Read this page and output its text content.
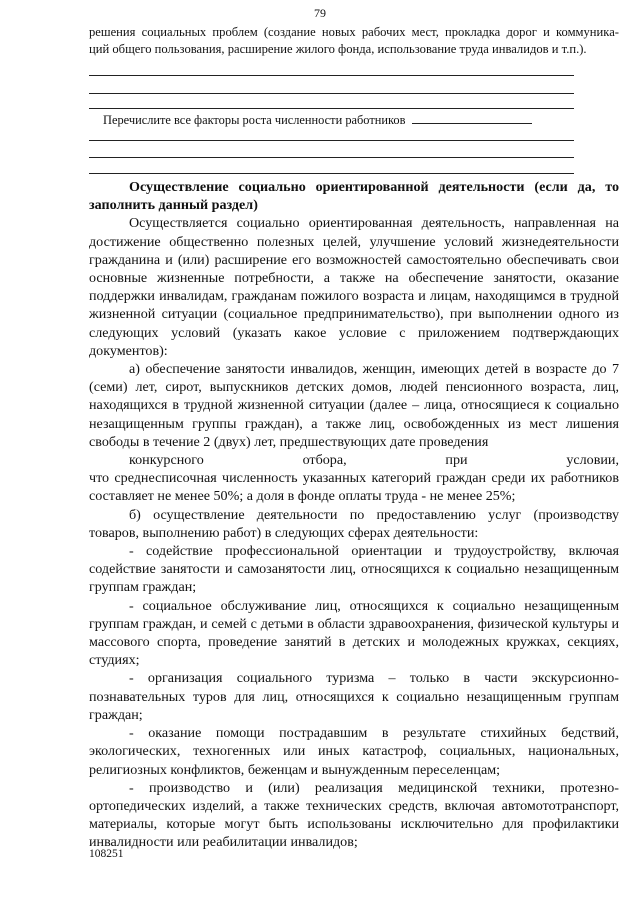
79
решения социальных проблем (создание новых рабочих мест, прокладка дорог и коммуника-
ций общего пользования, расширение жилого фонда, использование труда инвалидов и т.п.).
Перечислите все факторы роста численности работников

Осуществление социально ориентированной деятельности (если да, то заполнить данный раздел)

Осуществляется социально ориентированная деятельность, направленная на достижение общественно полезных целей, улучшение условий жизнедеятельности гражданина и (или) расширение его возможностей самостоятельно обеспечивать свои основные жизненные потребности, а также на обеспечение занятости, оказание поддержки инвалидам, гражданам пожилого возраста и лицам, находящимся в трудной жизненной ситуации (социальное предпринимательство), при выполнении одного из следующих условий (указать какое условие с приложением подтверждающих документов):

а) обеспечение занятости инвалидов, женщин, имеющих детей в возрасте до 7 (семи) лет, сирот, выпускников детских домов, людей пенсионного возраста, лиц, находящихся в трудной жизненной ситуации (далее – лица, относящиеся к социально незащищенным группы граждан), а также лиц, освобожденных из мест лишения свободы в течение 2 (двух) лет, предшествующих дате проведения
конкурсного отбора, при условии,
что среднесписочная численность указанных категорий граждан среди их работников составляет не менее 50%; а доля в фонде оплаты труда - не менее 25%;

б) осуществление деятельности по предоставлению услуг (производству товаров, выполнению работ) в следующих сферах деятельности:

- содействие профессиональной ориентации и трудоустройству, включая содействие занятости и самозанятости лиц, относящихся к социально незащищенным группам граждан;

- социальное обслуживание лиц, относящихся к социально незащищенным группам граждан, и семей с детьми в области здравоохранения, физической культуры и массового спорта, проведение занятий в детских и молодежных кружках, секциях, студиях;

- организация социального туризма – только в части экскурсионно-познавательных туров для лиц, относящихся к социально незащищенным группам граждан;

- оказание помощи пострадавшим в результате стихийных бедствий, экологических, техногенных или иных катастроф, социальных, национальных, религиозных конфликтов, беженцам и вынужденным переселенцам;

- производство и (или) реализация медицинской техники, протезно-ортопедических изделий, а также технических средств, включая автомототранспорт, материалы, которые могут быть использованы исключительно для профилактики инвалидности или реабилитации инвалидов;

108251
